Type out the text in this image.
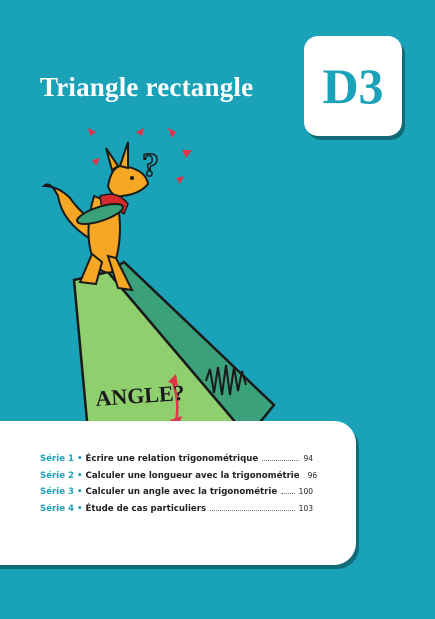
Triangle rectangle D3
ANGLE?
?
Série 1 • Écrire une relation trigonométrique	94
Série 2 • Calculer une longueur avec la trigonométrie 96
Série 3 • Calculer un angle avec la trigonométrie	100
Série 4 • Étude de cas particuliers	103
